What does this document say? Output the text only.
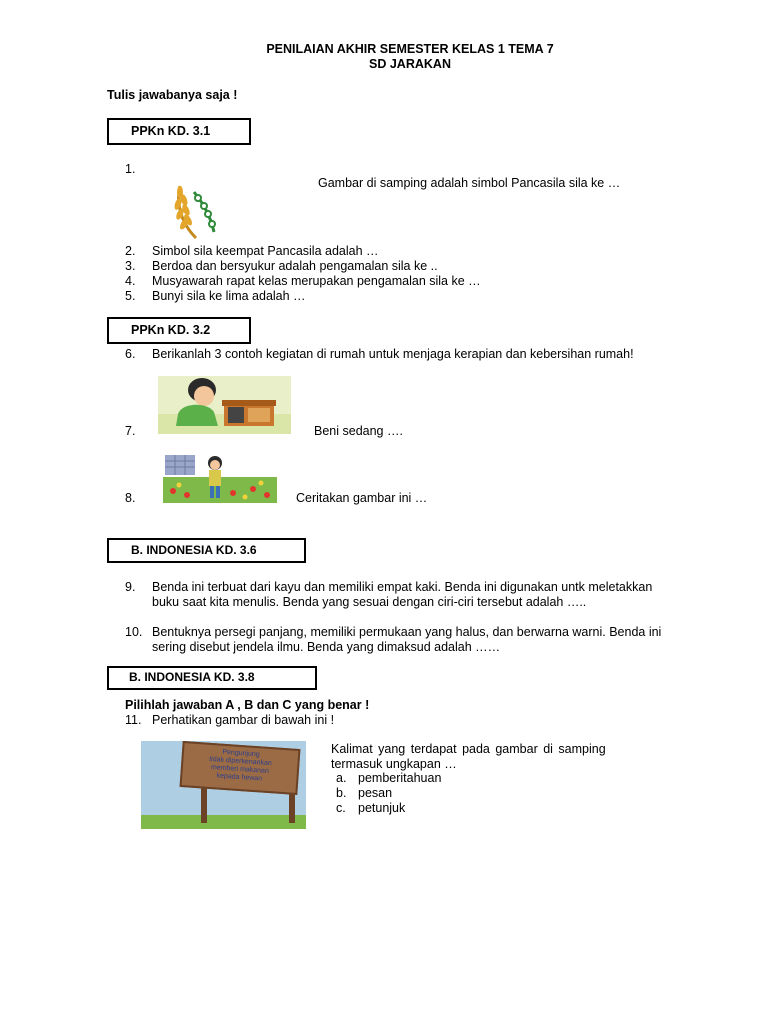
PENILAIAN AKHIR SEMESTER KELAS 1 TEMA 7
SD JARAKAN
Tulis jawabanya saja !
PPKn KD. 3.1
1.
Gambar di samping adalah simbol Pancasila sila ke …
2. Simbol sila keempat Pancasila adalah …
3. Berdoa dan bersyukur adalah pengamalan sila ke ..
4. Musyawarah rapat kelas merupakan pengamalan sila ke …
5. Bunyi sila ke lima adalah …
PPKn KD. 3.2
6. Berikanlah 3 contoh kegiatan di rumah untuk menjaga kerapian dan kebersihan rumah!
7.	Beni sedang ….
8.	Ceritakan gambar ini …
B. INDONESIA KD. 3.6
9. Benda ini terbuat dari kayu dan memiliki empat kaki. Benda ini digunakan untk meletakkan
buku saat kita menulis. Benda yang sesuai dengan ciri-ciri tersebut adalah …..
10. Bentuknya persegi panjang, memiliki permukaan yang halus, dan berwarna warni. Benda ini
sering disebut jendela ilmu. Benda yang dimaksud adalah ……
B. INDONESIA KD. 3.8
Pilihlah jawaban A , B dan C yang benar !
11. Perhatikan gambar di bawah ini !
Pengunjung
tidak diperkenankan
memberi makanan
kepada hewan
Kalimat yang terdapat pada gambar di samping
termasuk ungkapan …
a. pemberitahuan
b. pesan
c. petunjuk
